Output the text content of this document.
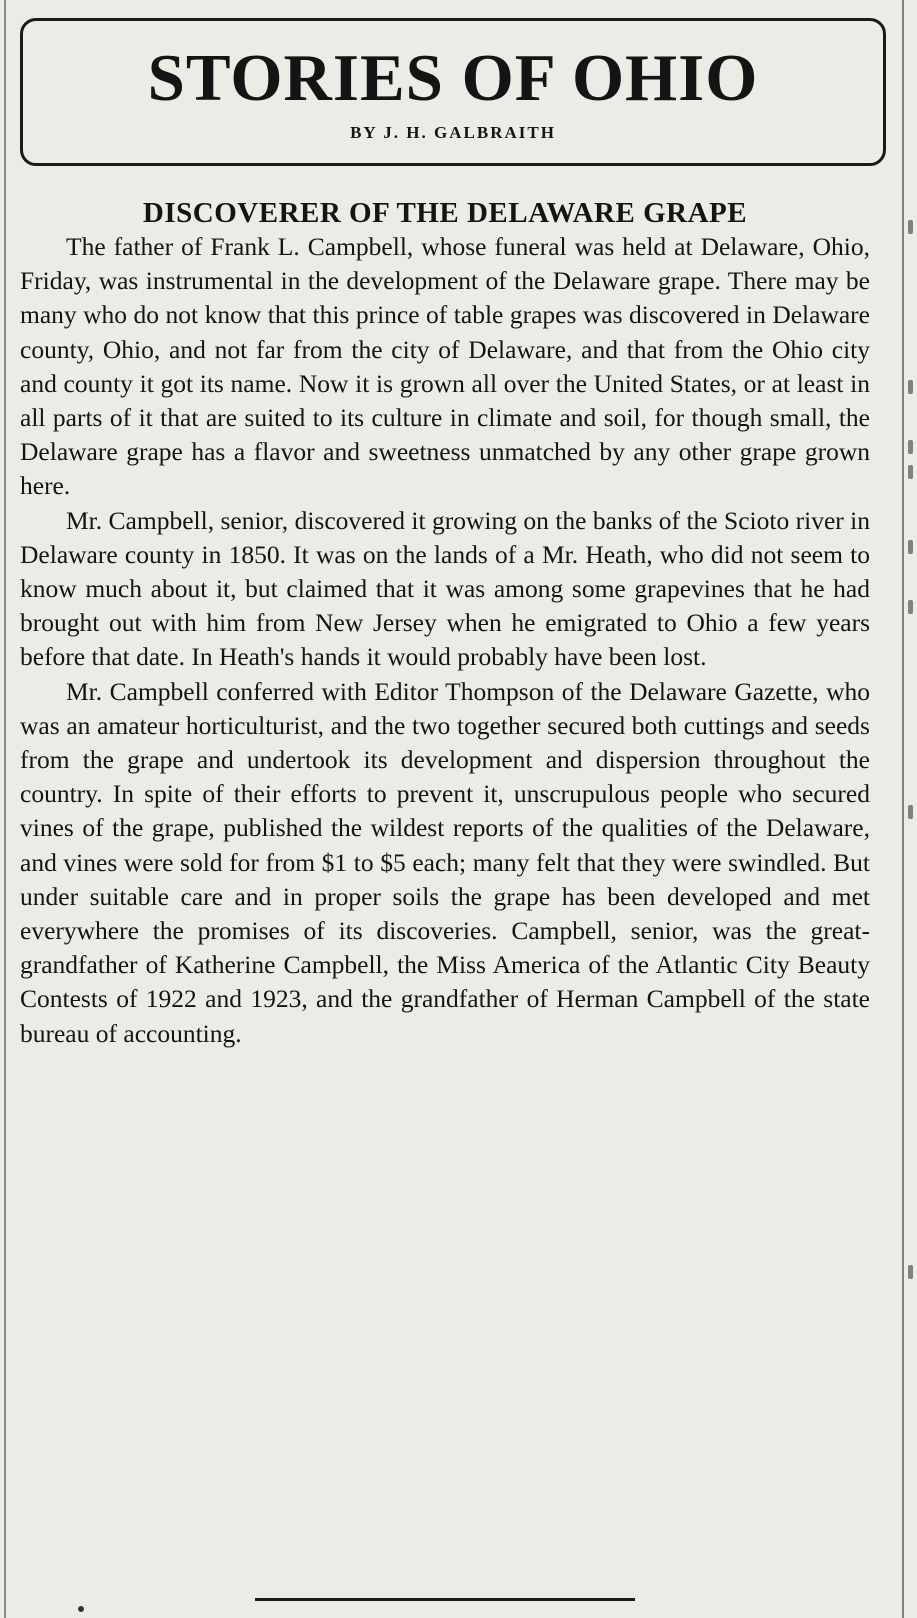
STORIES OF OHIO
BY J. H. GALBRAITH
DISCOVERER OF THE DELAWARE GRAPE

The father of Frank L. Campbell, whose funeral was held at Delaware, Ohio, Friday, was instrumental in the development of the Delaware grape. There may be many who do not know that this prince of table grapes was discovered in Delaware county, Ohio, and not far from the city of Delaware, and that from the Ohio city and county it got its name. Now it is grown all over the United States, or at least in all parts of it that are suited to its culture in climate and soil, for though small, the Delaware grape has a flavor and sweetness unmatched by any other grape grown here.

Mr. Campbell, senior, discovered it growing on the banks of the Scioto river in Delaware county in 1850. It was on the lands of a Mr. Heath, who did not seem to know much about it, but claimed that it was among some grapevines that he had brought out with him from New Jersey when he emigrated to Ohio a few years before that date. In Heath's hands it would probably have been lost.

Mr. Campbell conferred with Editor Thompson of the Delaware Gazette, who was an amateur horticulturist, and the two together secured both cuttings and seeds from the grape and undertook its development and dispersion throughout the country. In spite of their efforts to prevent it, unscrupulous people who secured vines of the grape, published the wildest reports of the qualities of the Delaware, and vines were sold for from $1 to $5 each; many felt that they were swindled. But under suitable care and in proper soils the grape has been developed and met everywhere the promises of its discoveries. Campbell, senior, was the great-grandfather of Katherine Campbell, the Miss America of the Atlantic City Beauty Contests of 1922 and 1923, and the grandfather of Herman Campbell of the state bureau of accounting.
